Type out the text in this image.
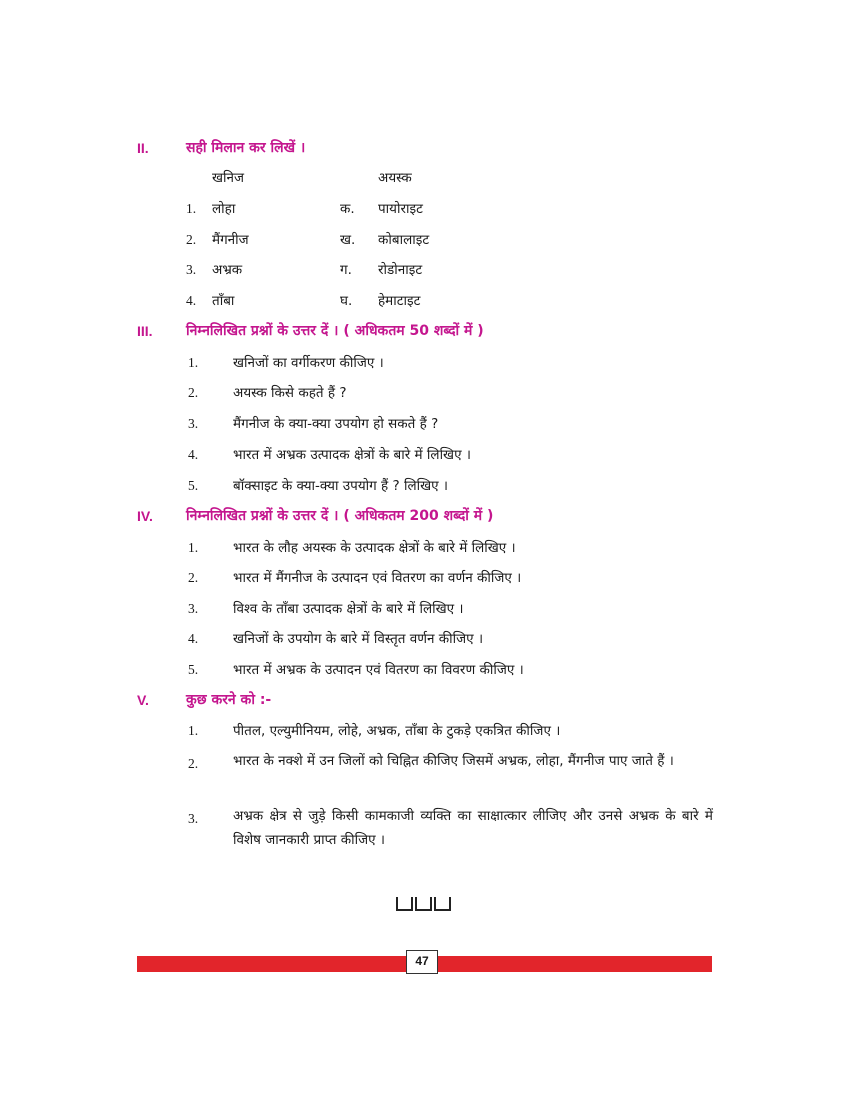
II.	सही मिलान कर लिखें ।
खनिज	अयस्क
1. लोहा	क. पायोराइट
2. मैंगनीज	ख. कोबालाइट
3. अभ्रक	ग. रोडोनाइट
4. ताँबा	घ. हेमाटाइट
III. निम्नलिखित प्रश्नों के उत्तर दें । ( अधिकतम 50 शब्दों में )
1.	खनिजों का वर्गीकरण कीजिए ।
2.	अयस्क किसे कहते हैं ?
3.	मैंगनीज के क्या-क्या उपयोग हो सकते हैं ?
4.	भारत में अभ्रक उत्पादक क्षेत्रों के बारे में लिखिए ।
5.	बॉक्साइट के क्या-क्या उपयोग हैं ? लिखिए ।
IV. निम्नलिखित प्रश्नों के उत्तर दें । ( अधिकतम 200 शब्दों में )
1.	भारत के लौह अयस्क के उत्पादक क्षेत्रों के बारे में लिखिए ।
2.	भारत में मैंगनीज के उत्पादन एवं वितरण का वर्णन कीजिए ।
3.	विश्व के ताँबा उत्पादक क्षेत्रों के बारे में लिखिए ।
4.	खनिजों के उपयोग के बारे में विस्तृत वर्णन कीजिए ।
5.	भारत में अभ्रक के उत्पादन एवं वितरण का विवरण कीजिए ।
V.	कुछ करने को :-
1.	पीतल, एल्युमीनियम, लोहे, अभ्रक, ताँबा के टुकड़े एकत्रित कीजिए ।
2.	भारत के नक्शे में उन जिलों को चिह्नित कीजिए जिसमें अभ्रक, लोहा, मैंगनीज पाए जाते हैं ।
3.	अभ्रक क्षेत्र से जुड़े किसी कामकाजी व्यक्ति का साक्षात्कार लीजिए और उनसे अभ्रक के बारे में विशेष जानकारी प्राप्त कीजिए ।
47
